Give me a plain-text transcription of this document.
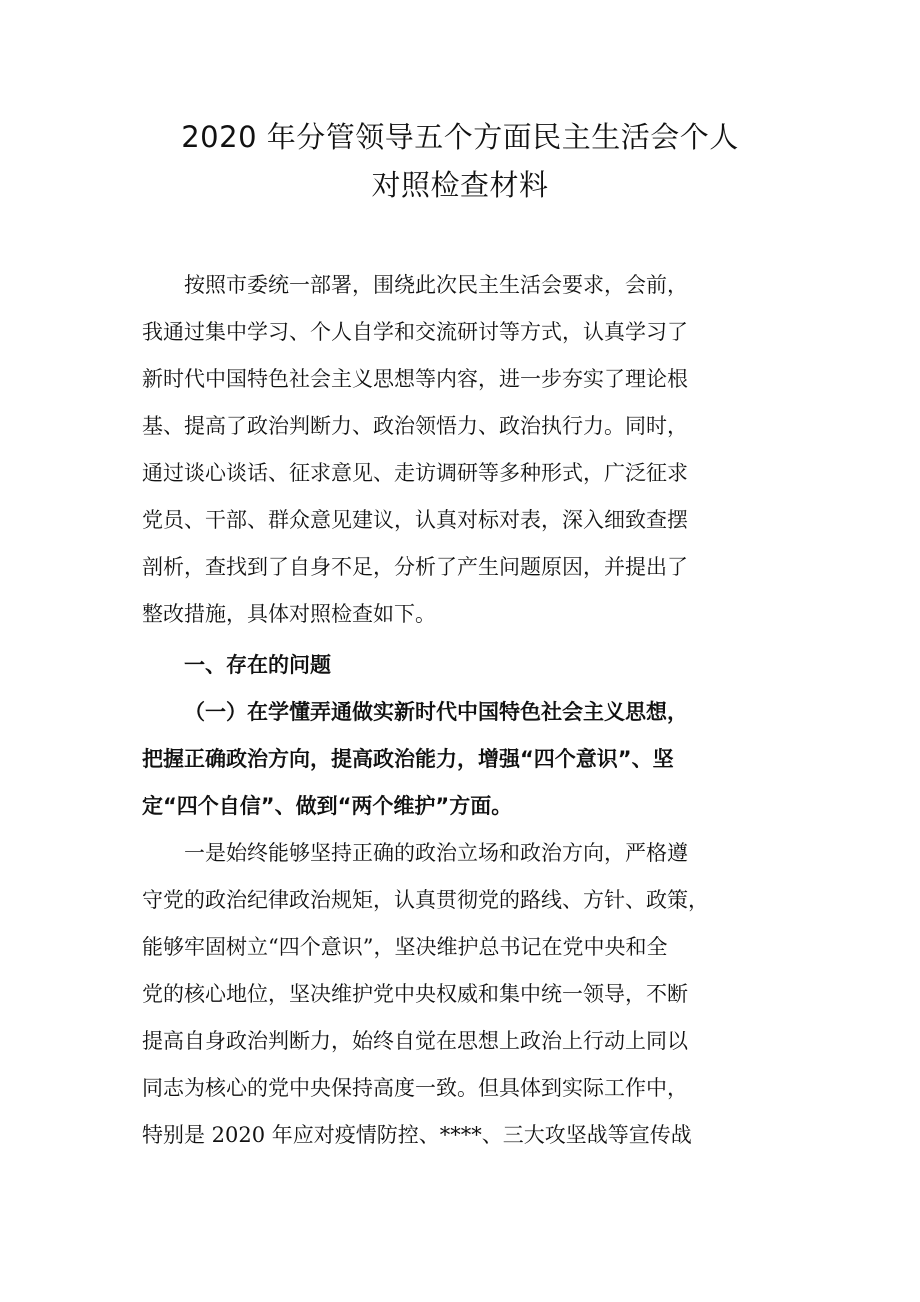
2020 年分管领导五个方面民主生活会个人
对照检查材料

按照市委统一部署，围绕此次民主生活会要求，会前，
我通过集中学习、个人自学和交流研讨等方式，认真学习了
新时代中国特色社会主义思想等内容，进一步夯实了理论根
基、提高了政治判断力、政治领悟力、政治执行力。同时，
通过谈心谈话、征求意见、走访调研等多种形式，广泛征求
党员、干部、群众意见建议，认真对标对表，深入细致查摆
剖析，查找到了自身不足，分析了产生问题原因，并提出了
整改措施，具体对照检查如下。

一、存在的问题

（一）在学懂弄通做实新时代中国特色社会主义思想，
把握正确政治方向，提高政治能力，增强“四个意识”、坚
定“四个自信”、做到“两个维护”方面。

一是始终能够坚持正确的政治立场和政治方向，严格遵
守党的政治纪律政治规矩，认真贯彻党的路线、方针、政策，
能够牢固树立“四个意识”，坚决维护总书记在党中央和全
党的核心地位，坚决维护党中央权威和集中统一领导，不断
提高自身政治判断力，始终自觉在思想上政治上行动上同以
同志为核心的党中央保持高度一致。但具体到实际工作中，
特别是 2020 年应对疫情防控、****、三大攻坚战等宣传战
